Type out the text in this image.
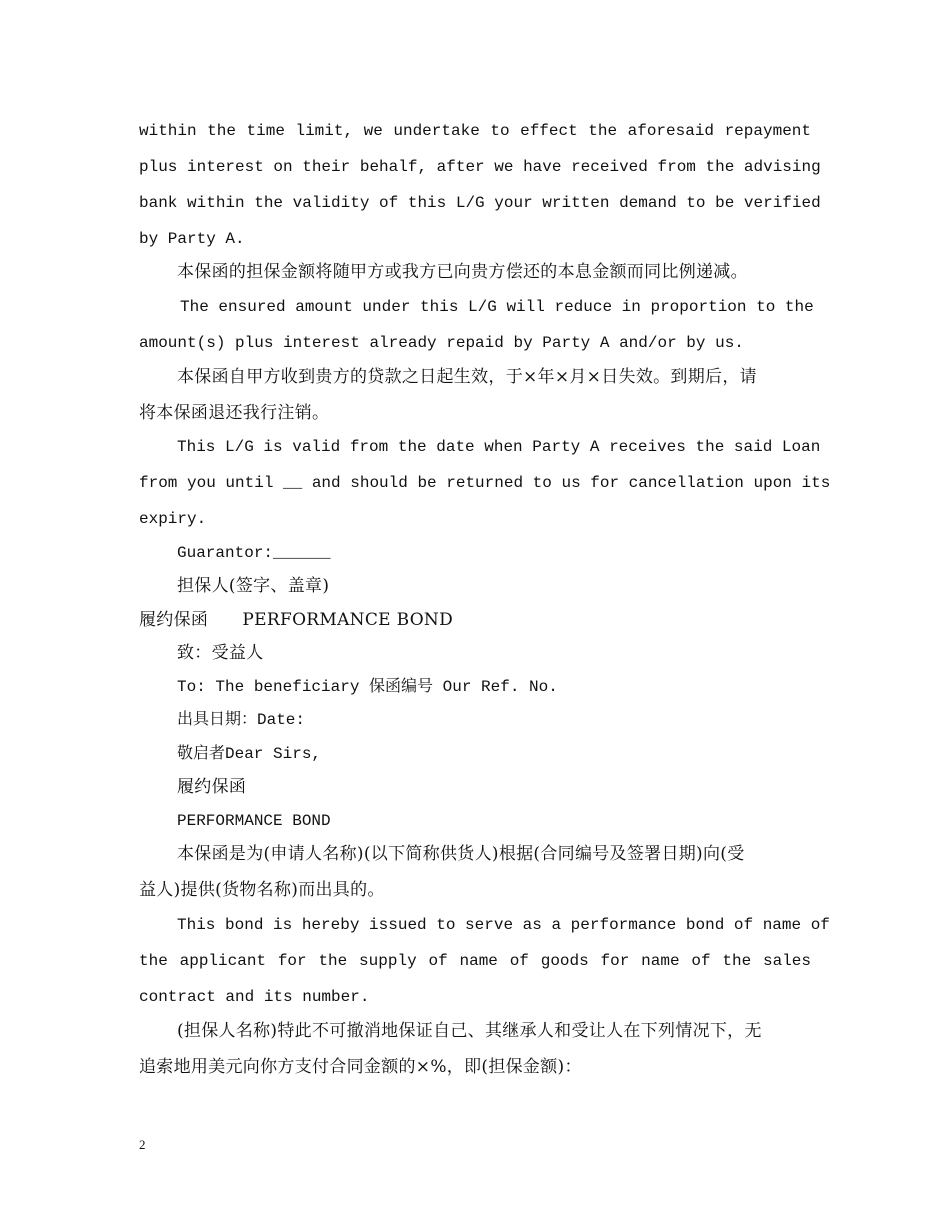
within the time limit, we undertake to effect the aforesaid repayment
plus interest on their behalf, after we have received from the advising
bank within the validity of this L/G your written demand to be verified
by Party A.
本保函的担保金额将随甲方或我方已向贵方偿还的本息金额而同比例递减。
The ensured amount under this L/G will reduce in proportion to the
amount(s) plus interest already repaid by Party A and/or by us.
本保函自甲方收到贵方的贷款之日起生效，于×年×月×日失效。到期后，请
将本保函退还我行注销。
This L/G is valid from the date when Party A receives the said Loan
from you until __ and should be returned to us for cancellation upon its
expiry.
Guarantor:______
担保人(签字、盖章)
履约保函      PERFORMANCE BOND
致：受益人
To: The beneficiary 保函编号 Our Ref. No.
出具日期：Date:
敬启者Dear Sirs,
履约保函
PERFORMANCE BOND
本保函是为(申请人名称)(以下简称供货人)根据(合同编号及签署日期)向(受
益人)提供(货物名称)而出具的。
This bond is hereby issued to serve as a performance bond of name of
the applicant for the supply of name of goods for name of the sales
contract and its number.
(担保人名称)特此不可撤消地保证自己、其继承人和受让人在下列情况下，无
追索地用美元向你方支付合同金额的×%，即(担保金额)：
2
